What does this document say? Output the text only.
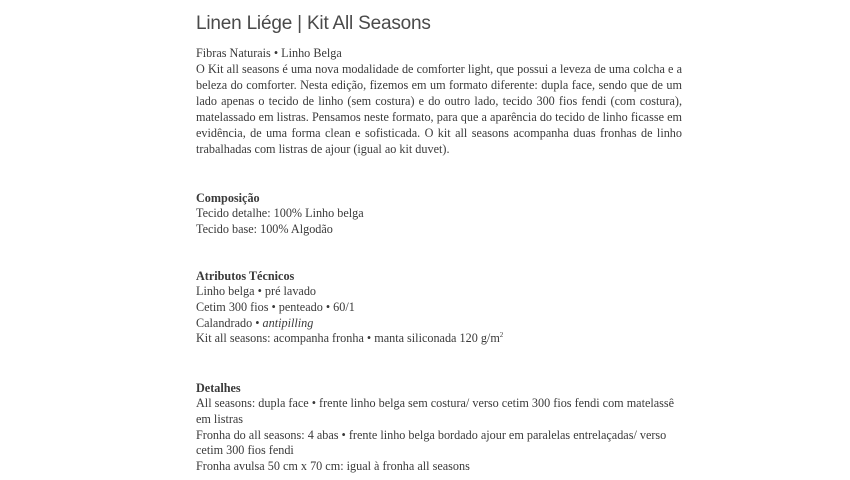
Linen Liége | Kit All Seasons
Fibras Naturais • Linho Belga

O Kit all seasons é uma nova modalidade de comforter light, que possui a leveza de uma colcha e a beleza do comforter. Nesta edição, fizemos em um formato diferente: dupla face, sendo que de um lado apenas o tecido de linho (sem costura) e do outro lado, tecido 300 fios fendi (com costura), matelassado em listras. Pensamos neste formato, para que a aparência do tecido de linho ficasse em evidência, de uma forma clean e sofisticada. O kit all seasons acompanha duas fronhas de linho trabalhadas com listras de ajour (igual ao kit duvet).

Composição
Tecido detalhe: 100% Linho belga
Tecido base: 100% Algodão
Atributos Técnicos
Linho belga • pré lavado
Cetim 300 fios • penteado • 60/1
Calandrado • antipilling
Kit all seasons: acompanha fronha • manta siliconada 120 $g/m^2$
Detalhes
All seasons: dupla face • frente linho belga sem costura/ verso cetim 300 fios fendi com matelassê em listras
Fronha do all seasons: 4 abas • frente linho belga bordado ajour em paralelas entrelaçadas/ verso cetim 300 fios fendi
Fronha avulsa 50 cm x 70 cm: igual à fronha all seasons
